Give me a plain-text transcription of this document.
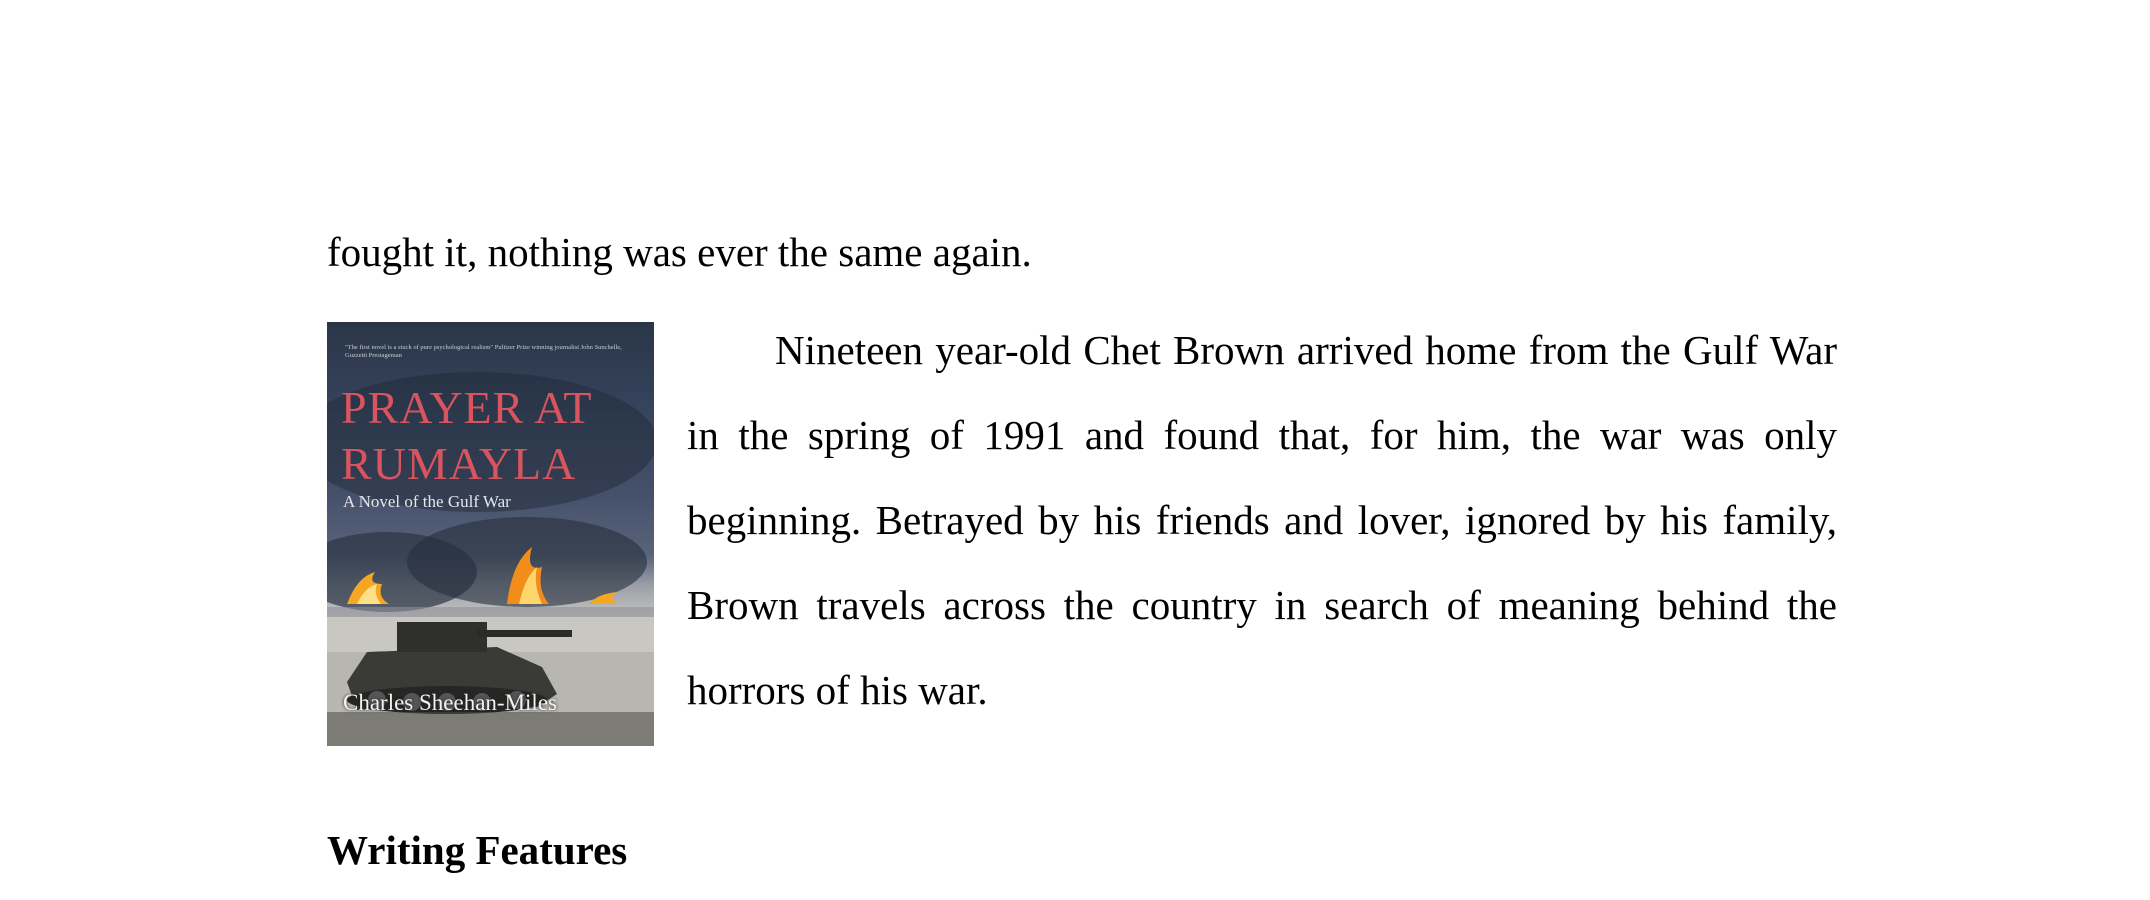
fought it, nothing was ever the same again.
"The first novel is a stuck of pure psychological realism" Pulitzer Prize winning journalist John Sunchelle, Guzzetti Prestageman
PRAYER AT
RUMAYLA
A Novel of the Gulf War
Charles Sheehan-Miles

Nineteen year-old Chet Brown arrived home from the Gulf War in the spring of 1991 and found that, for him, the war was only beginning. Betrayed by his friends and lover, ignored by his family, Brown travels across the country in search of meaning behind the horrors of his war.

Writing Features
